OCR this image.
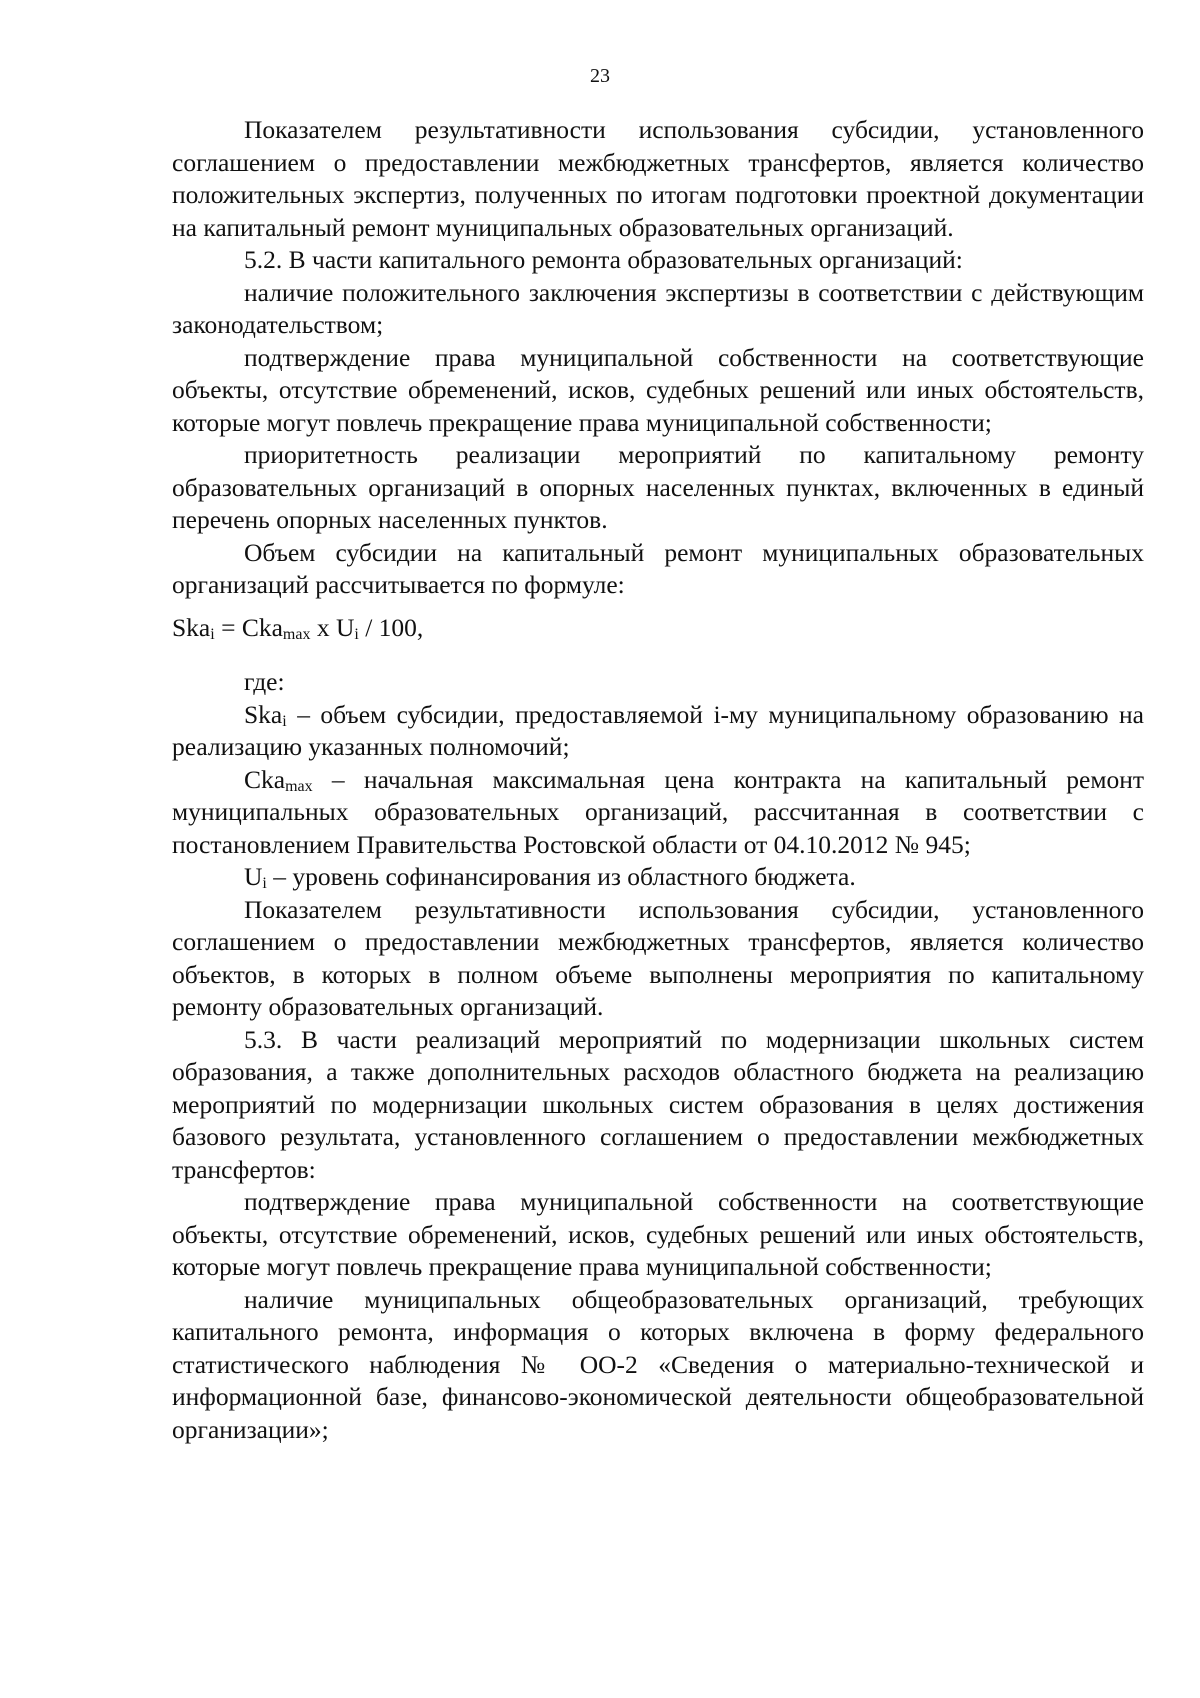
23

Показателем результативности использования субсидии, установленного соглашением о предоставлении межбюджетных трансфертов, является количество положительных экспертиз, полученных по итогам подготовки проектной документации на капитальный ремонт муниципальных образовательных организаций.

5.2. В части капитального ремонта образовательных организаций:

наличие положительного заключения экспертизы в соответствии с действующим законодательством;

подтверждение права муниципальной собственности на соответствующие объекты, отсутствие обременений, исков, судебных решений или иных обстоятельств, которые могут повлечь прекращение права муниципальной собственности;

приоритетность реализации мероприятий по капитальному ремонту образовательных организаций в опорных населенных пунктах, включенных в единый перечень опорных населенных пунктов.

Объем субсидии на капитальный ремонт муниципальных образовательных организаций рассчитывается по формуле:

Ska$_i$ = Cka$_{max}$ x $U_i / 100$,

где:

Ska$_i$ – объем субсидии, предоставляемой i-му муниципальному образованию на реализацию указанных полномочий;

Cka$_{max}$ – начальная максимальная цена контракта на капитальный ремонт муниципальных образовательных организаций, рассчитанная в соответствии с постановлением Правительства Ростовской области от 04.10.2012 № 945;

$U_i$ – уровень софинансирования из областного бюджета.

Показателем результативности использования субсидии, установленного соглашением о предоставлении межбюджетных трансфертов, является количество объектов, в которых в полном объеме выполнены мероприятия по капитальному ремонту образовательных организаций.

5.3. В части реализаций мероприятий по модернизации школьных систем образования, а также дополнительных расходов областного бюджета на реализацию мероприятий по модернизации школьных систем образования в целях достижения базового результата, установленного соглашением о предоставлении межбюджетных трансфертов:

подтверждение права муниципальной собственности на соответствующие объекты, отсутствие обременений, исков, судебных решений или иных обстоятельств, которые могут повлечь прекращение права муниципальной собственности;

наличие муниципальных общеобразовательных организаций, требующих капитального ремонта, информация о которых включена в форму федерального статистического наблюдения № ОО-2 «Сведения о материально-технической и информационной базе, финансово-экономической деятельности общеобразовательной организации»;
